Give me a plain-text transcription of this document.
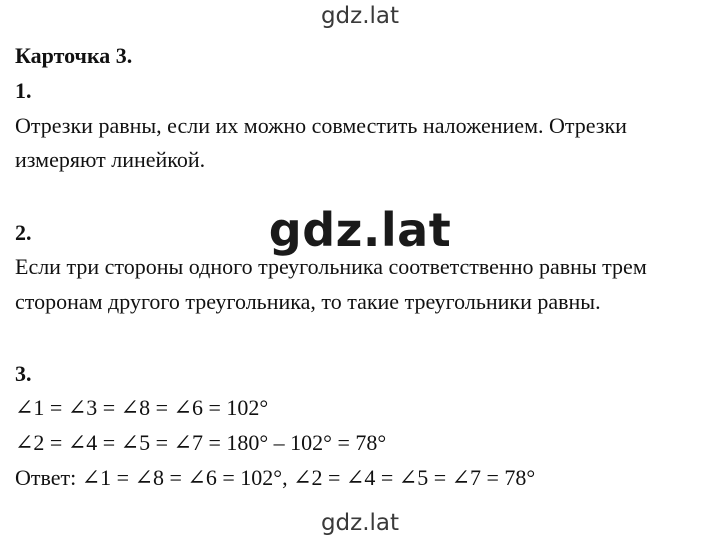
gdz.lat
Карточка 3.
1.
Отрезки равны, если их можно совместить наложением. Отрезки
измеряют линейкой.
gdz.lat
2.
Если три стороны одного треугольника соответственно равны трем
сторонам другого треугольника, то такие треугольники равны.
3.
∠1 = ∠3 = ∠8 = ∠6 = 102°
∠2 = ∠4 = ∠5 = ∠7 = 180° – 102° = 78°
Ответ: ∠1 = ∠8 = ∠6 = 102°, ∠2 = ∠4 = ∠5 = ∠7 = 78°
gdz.lat
